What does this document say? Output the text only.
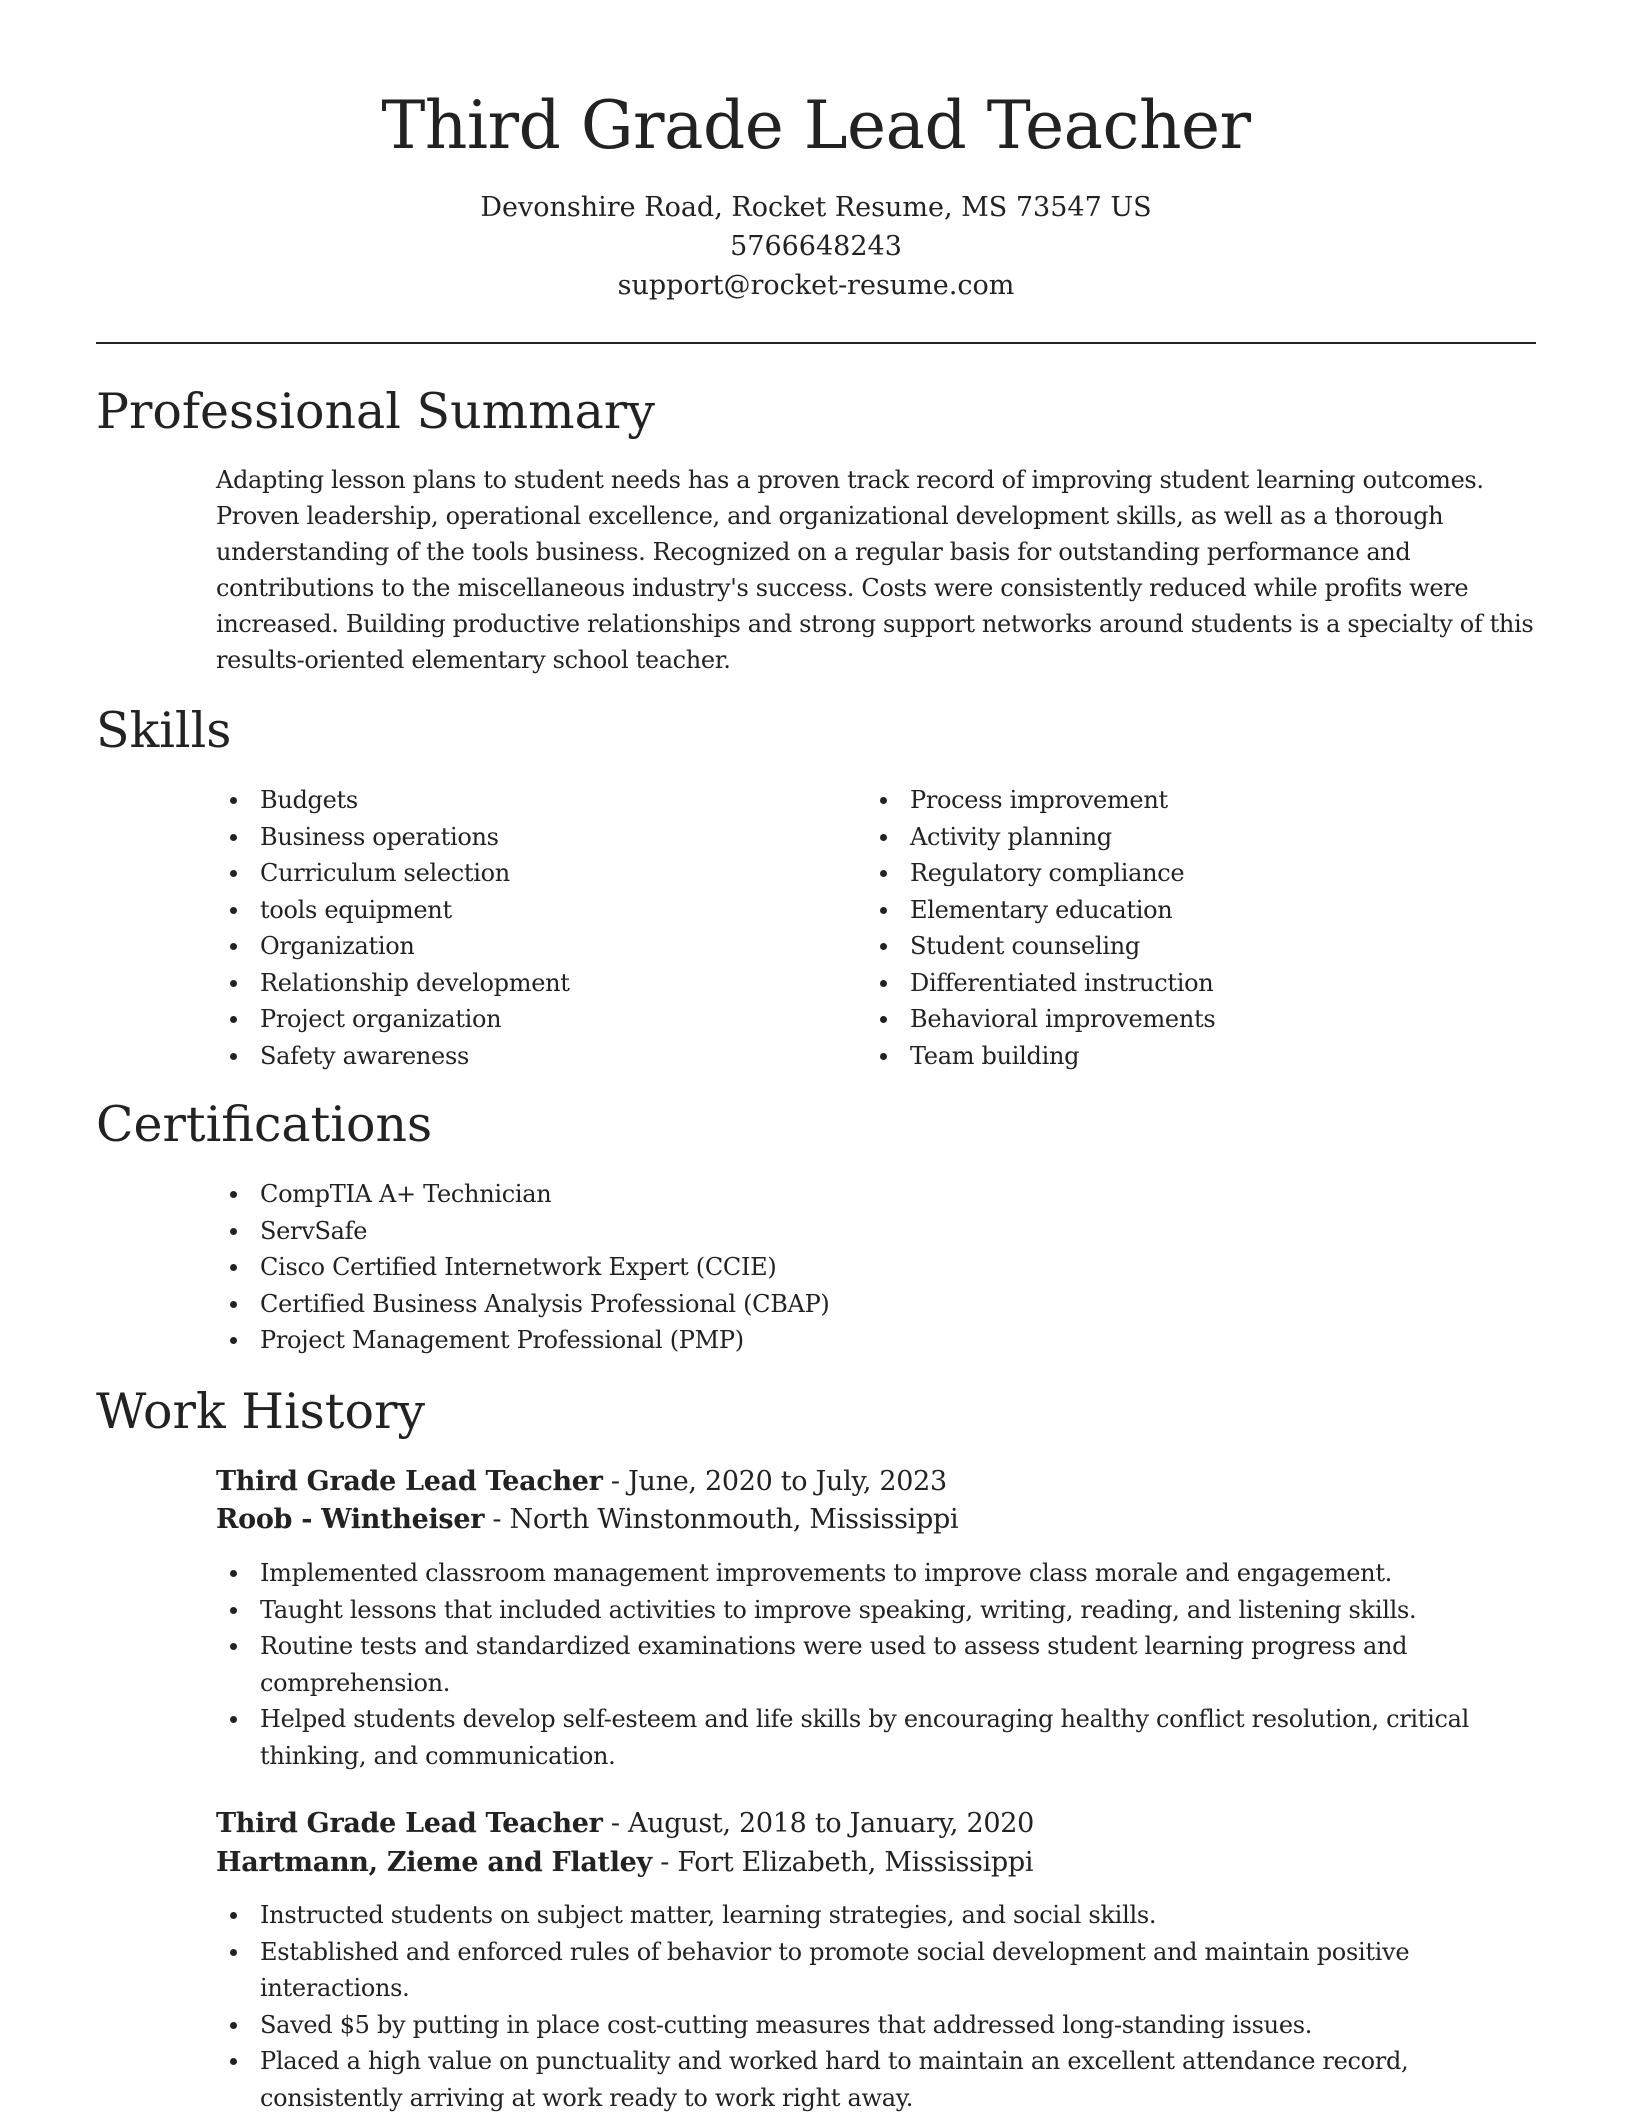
Third Grade Lead Teacher
Devonshire Road, Rocket Resume, MS 73547 US
5766648243
support@rocket-resume.com
Professional Summary

Adapting lesson plans to student needs has a proven track record of improving student learning outcomes. Proven leadership, operational excellence, and organizational development skills, as well as a thorough understanding of the tools business. Recognized on a regular basis for outstanding performance and contributions to the miscellaneous industry's success. Costs were consistently reduced while profits were increased. Building productive relationships and strong support networks around students is a specialty of this results-oriented elementary school teacher.

Skills
Budgets
Business operations
Curriculum selection
tools equipment
Organization
Relationship development
Project organization
Safety awareness
Process improvement
Activity planning
Regulatory compliance
Elementary education
Student counseling
Differentiated instruction
Behavioral improvements
Team building
Certifications
CompTIA A+ Technician
ServSafe
Cisco Certified Internetwork Expert (CCIE)
Certified Business Analysis Professional (CBAP)
Project Management Professional (PMP)
Work History
Third Grade Lead Teacher - June, 2020 to July, 2023
Roob - Wintheiser - North Winstonmouth, Mississippi
Implemented classroom management improvements to improve class morale and engagement.
Taught lessons that included activities to improve speaking, writing, reading, and listening skills.
Routine tests and standardized examinations were used to assess student learning progress and comprehension.
Helped students develop self-esteem and life skills by encouraging healthy conflict resolution, critical thinking, and communication.
Third Grade Lead Teacher - August, 2018 to January, 2020
Hartmann, Zieme and Flatley - Fort Elizabeth, Mississippi
Instructed students on subject matter, learning strategies, and social skills.
Established and enforced rules of behavior to promote social development and maintain positive interactions.
Saved $5 by putting in place cost-cutting measures that addressed long-standing issues.
Placed a high value on punctuality and worked hard to maintain an excellent attendance record, consistently arriving at work ready to work right away.
